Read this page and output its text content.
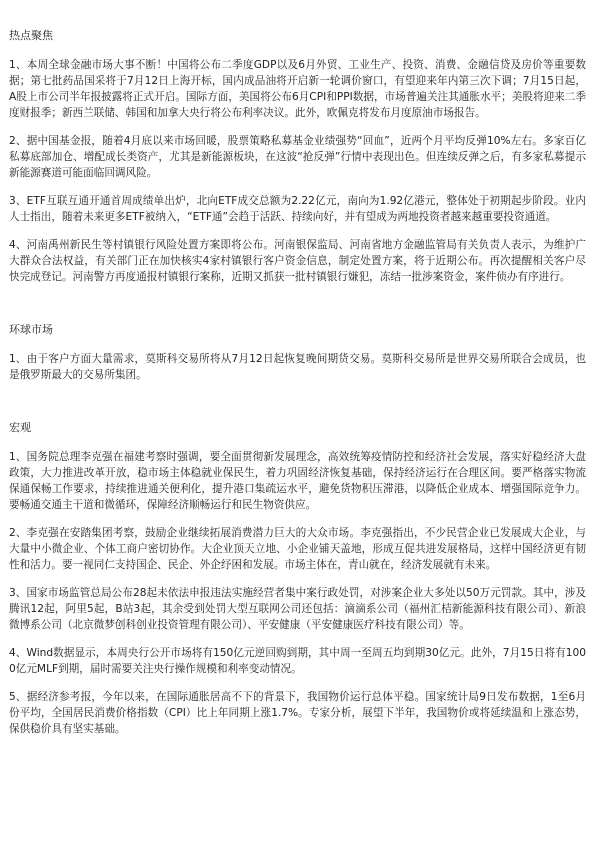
热点聚焦

1、本周全球金融市场大事不断！中国将公布二季度GDP以及6月外贸、工业生产、投资、消费、金融信贷及房价等重要数据；第七批药品国采将于7月12日上海开标，国内成品油将开启新一轮调价窗口，有望迎来年内第三次下调；7月15日起，A股上市公司半年报披露将正式开启。国际方面，美国将公布6月CPI和PPI数据，市场普遍关注其通胀水平；美股将迎来二季度财报季；新西兰联储、韩国和加拿大央行将公布利率决议。此外，欧佩克将发布月度原油市场报告。

2、据中国基金报，随着4月底以来市场回暖，股票策略私募基金业绩强势“回血”，近两个月平均反弹10%左右。多家百亿私募底部加仓、增配成长类资产，尤其是新能源板块，在这波“抢反弹”行情中表现出色。但连续反弹之后，有多家私募提示新能源赛道可能面临回调风险。

3、ETF互联互通开通首周成绩单出炉，北向ETF成交总额为2.22亿元，南向为1.92亿港元，整体处于初期起步阶段。业内人士指出，随着未来更多ETF被纳入，“ETF通”会趋于活跃、持续向好，并有望成为两地投资者越来越重要投资通道。

4、河南禹州新民生等村镇银行风险处置方案即将公布。河南银保监局、河南省地方金融监管局有关负责人表示，为维护广大群众合法权益，有关部门正在加快核实4家村镇银行客户资金信息，制定处置方案，将于近期公布。再次提醒相关客户尽快完成登记。河南警方再度通报村镇银行案称，近期又抓获一批村镇银行嫌犯，冻结一批涉案资金，案件侦办有序进行。

环球市场

1、由于客户方面大量需求，莫斯科交易所将从7月12日起恢复晚间期货交易。莫斯科交易所是世界交易所联合会成员，也是俄罗斯最大的交易所集团。

宏观

1、国务院总理李克强在福建考察时强调，要全面贯彻新发展理念，高效统筹疫情防控和经济社会发展，落实好稳经济大盘政策，大力推进改革开放，稳市场主体稳就业保民生，着力巩固经济恢复基础，保持经济运行在合理区间。要严格落实物流保通保畅工作要求，持续推进通关便利化，提升港口集疏运水平，避免货物积压滞港，以降低企业成本、增强国际竞争力。要畅通交通主干道和微循环，保障经济顺畅运行和民生物资供应。

2、李克强在安踏集团考察，鼓励企业继续拓展消费潜力巨大的大众市场。李克强指出，不少民营企业已发展成大企业，与大量中小微企业、个体工商户密切协作。大企业顶天立地、小企业铺天盖地，形成互促共进发展格局，这样中国经济更有韧性和活力。要一视同仁支持国企、民企、外企纾困和发展。市场主体在，青山就在，经济发展就有未来。

3、国家市场监管总局公布28起未依法申报违法实施经营者集中案行政处罚，对涉案企业大多处以50万元罚款。其中，涉及腾讯12起，阿里5起，B站3起，其余受到处罚大型互联网公司还包括：滴滴系公司（福州汇桔新能源科技有限公司）、新浪微博系公司（北京微梦创科创业投资管理有限公司）、平安健康（平安健康医疗科技有限公司）等。

4、Wind数据显示，本周央行公开市场将有150亿元逆回购到期，其中周一至周五均到期30亿元。此外，7月15日将有1000亿元MLF到期，届时需要关注央行操作规模和利率变动情况。

5、据经济参考报，今年以来，在国际通胀居高不下的背景下，我国物价运行总体平稳。国家统计局9日发布数据，1至6月份平均，全国居民消费价格指数（CPI）比上年同期上涨1.7%。专家分析，展望下半年，我国物价或将延续温和上涨态势，保供稳价具有坚实基础。
